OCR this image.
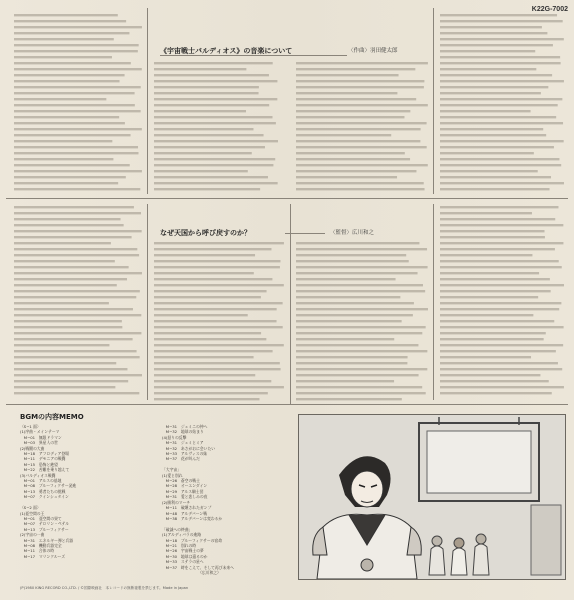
K22G-7002
《宇宙戦士バルディオス》の音楽について	〈作曲〉羽田健太郎
なぜ天国から呼び戻すのか？	〈監督〉広川和之
BGMの内容MEMO
〈S−1 面〉
(1)序曲・メインテーマ
　M−01　無限ドラマン
　M−03　異星人の世
(2)戦闘の大曲
　M−18　アフロディア登場
　M−11　デモニアの戦闘
　M−15　恐怖と絶望
　M−22　苦難を乗り越えて
(3)バルディオス戦闘
　M−01　アルスの基地
　M−08　ブルーフィクサー発進
　M−13　勇者たちの挑戦
　M−07　クインシュタイン

〈S−2 面〉
(1)亜空間の王
　M−01　亜空間の果て
　M−07　テロリン・ペテル
　M−13　ブルーフィクサー
(2)宇宙の一曲
　M−31　エネルギー弾と兵器
　M−08　機動兵器完全
　M−11　合体の時
　M−17　マリンクルーズ
　M−31　ジェミニの仲へ
　M−32　地球の始まり
(4)怒りの反撃
　M−31　ジェミとミア
　M−32　あさがおに会いたい
　M−33　アルヴィスの妹
　M−37　花が叫んだ

「大宇宙」
(1)愛と別れ
　M−26　蒼空の戦士
　M−28　オーエンダイン
　M−29　アルス騎士団
　M−31　愛と悲しみの夜
(2)勝利のマーチ
　M−11　破壊されたガンプ
　M−48　アルデバーン戦
　M−38　アルデバーンは変わるか

「破滅への終曲」
(1)アルディバラの進路
　M−18　ブルーフィクサーの宿命
　M−21　別れの時
　M−26　宇宙戦士の夢
　M−30　地球は還るのか
　M−33　ステラの星へ
　M−37　時をこえて、そして再び未来へ
　　　　　　　　　　（広川和之）
(P)1980 KING RECORD CO.,LTD. / ©国際映画社　本レコードの無断複製を禁じます。Made in Japan
